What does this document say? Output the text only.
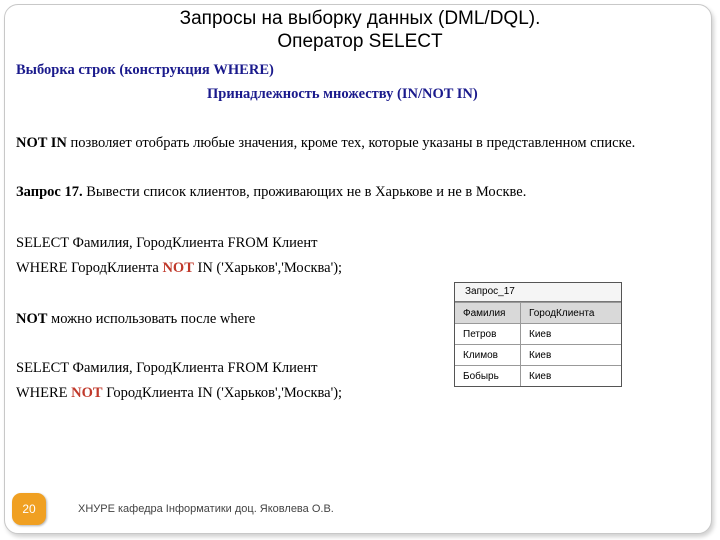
Запросы на выборку данных (DML/DQL).
Оператор SELECT
Выборка строк (конструкция WHERE)
Принадлежность множеству (IN/NOT IN)
NOT IN позволяет отобрать любые значения, кроме тех, которые указаны в представленном списке.
Запрос 17. Вывести список клиентов, проживающих не в Харькове и не в Москве.
SELECT Фамилия, ГородКлиента FROM Клиент
WHERE ГородКлиента NOT IN ('Харьков','Москва');
NOT можно использовать после where
SELECT Фамилия, ГородКлиента FROM Клиент
WHERE NOT ГородКлиента IN ('Харьков','Москва');
Запрос_17
Фамилия	ГородКлиента
Петров	Киев
Климов	Киев
Бобырь	Киев
20	ХНУРЕ кафедра Інформатики доц. Яковлева О.В.
